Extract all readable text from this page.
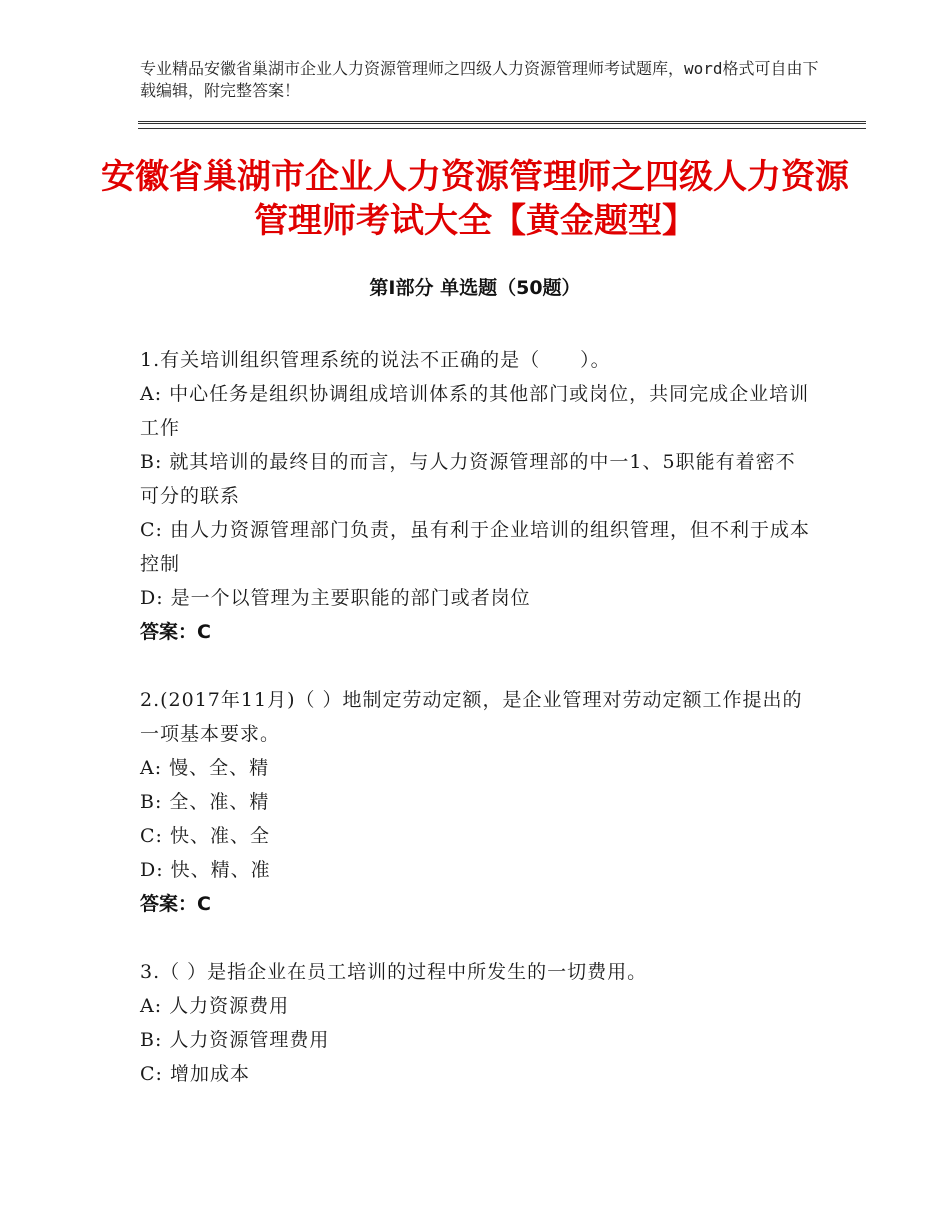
专业精品安徽省巢湖市企业人力资源管理师之四级人力资源管理师考试题库，word格式可自由下载编辑，附完整答案！
安徽省巢湖市企业人力资源管理师之四级人力资源管理师考试大全【黄金题型】
第Ⅰ部分 单选题（50题）
1.有关培训组织管理系统的说法不正确的是（　　）。
A: 中心任务是组织协调组成培训体系的其他部门或岗位，共同完成企业培训工作
B: 就其培训的最终目的而言，与人力资源管理部的中一1、5职能有着密不可分的联系
C: 由人力资源管理部门负责，虽有利于企业培训的组织管理，但不利于成本控制
D: 是一个以管理为主要职能的部门或者岗位
答案：C
2.(2017年11月)（ ）地制定劳动定额，是企业管理对劳动定额工作提出的一项基本要求。
A: 慢、全、精
B: 全、准、精
C: 快、准、全
D: 快、精、准
答案：C
3.（ ）是指企业在员工培训的过程中所发生的一切费用。
A: 人力资源费用
B: 人力资源管理费用
C: 增加成本
